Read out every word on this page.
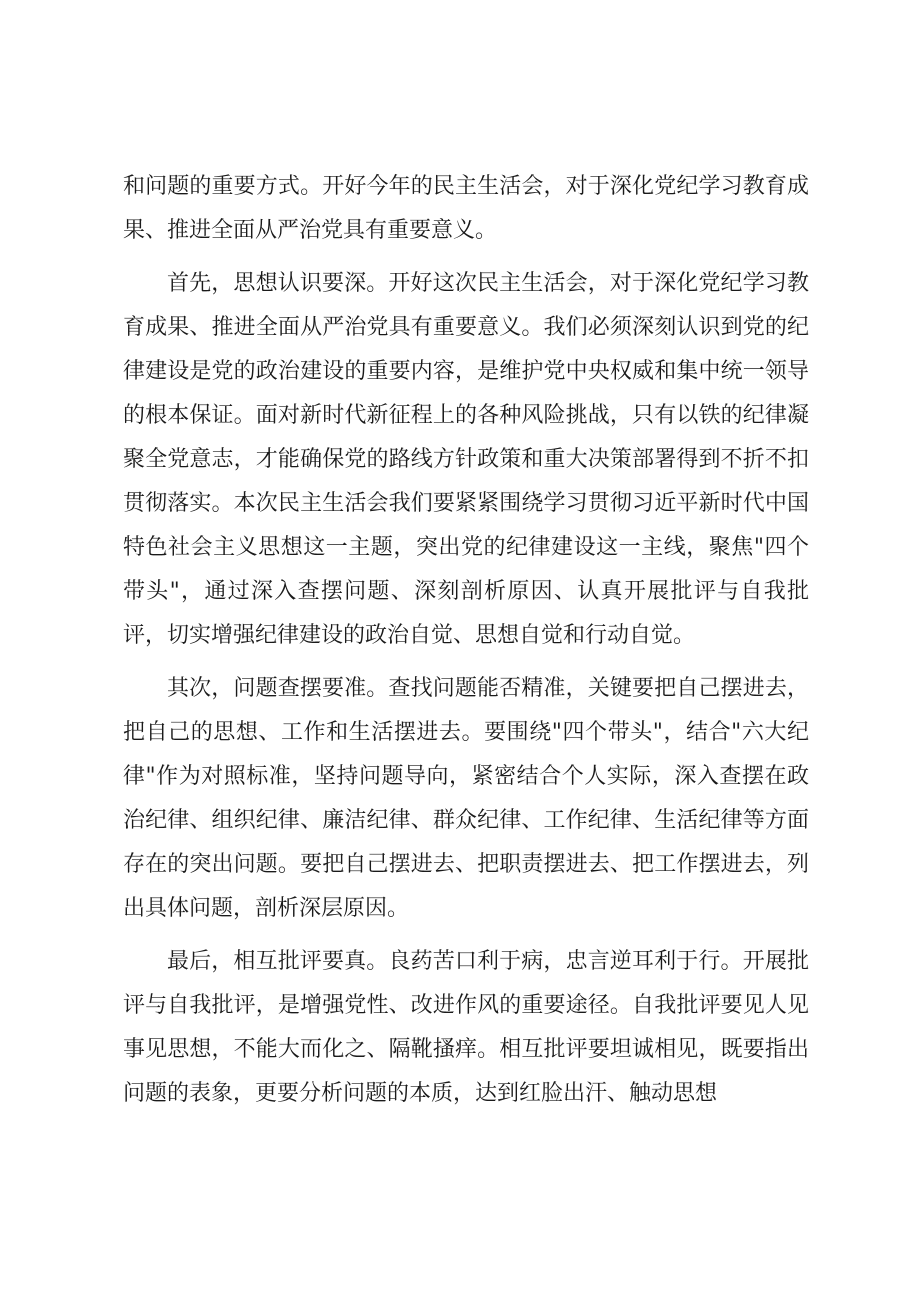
和问题的重要方式。开好今年的民主生活会，对于深化党纪学习教育成果、推进全面从严治党具有重要意义。

首先，思想认识要深。开好这次民主生活会，对于深化党纪学习教育成果、推进全面从严治党具有重要意义。我们必须深刻认识到党的纪律建设是党的政治建设的重要内容，是维护党中央权威和集中统一领导的根本保证。面对新时代新征程上的各种风险挑战，只有以铁的纪律凝聚全党意志，才能确保党的路线方针政策和重大决策部署得到不折不扣贯彻落实。本次民主生活会我们要紧紧围绕学习贯彻习近平新时代中国特色社会主义思想这一主题，突出党的纪律建设这一主线，聚焦"四个带头"，通过深入查摆问题、深刻剖析原因、认真开展批评与自我批评，切实增强纪律建设的政治自觉、思想自觉和行动自觉。

其次，问题查摆要准。查找问题能否精准，关键要把自己摆进去，把自己的思想、工作和生活摆进去。要围绕"四个带头"，结合"六大纪律"作为对照标准，坚持问题导向，紧密结合个人实际，深入查摆在政治纪律、组织纪律、廉洁纪律、群众纪律、工作纪律、生活纪律等方面存在的突出问题。要把自己摆进去、把职责摆进去、把工作摆进去，列出具体问题，剖析深层原因。

最后，相互批评要真。良药苦口利于病，忠言逆耳利于行。开展批评与自我批评，是增强党性、改进作风的重要途径。自我批评要见人见事见思想，不能大而化之、隔靴搔痒。相互批评要坦诚相见，既要指出问题的表象，更要分析问题的本质，达到红脸出汗、触动思想
